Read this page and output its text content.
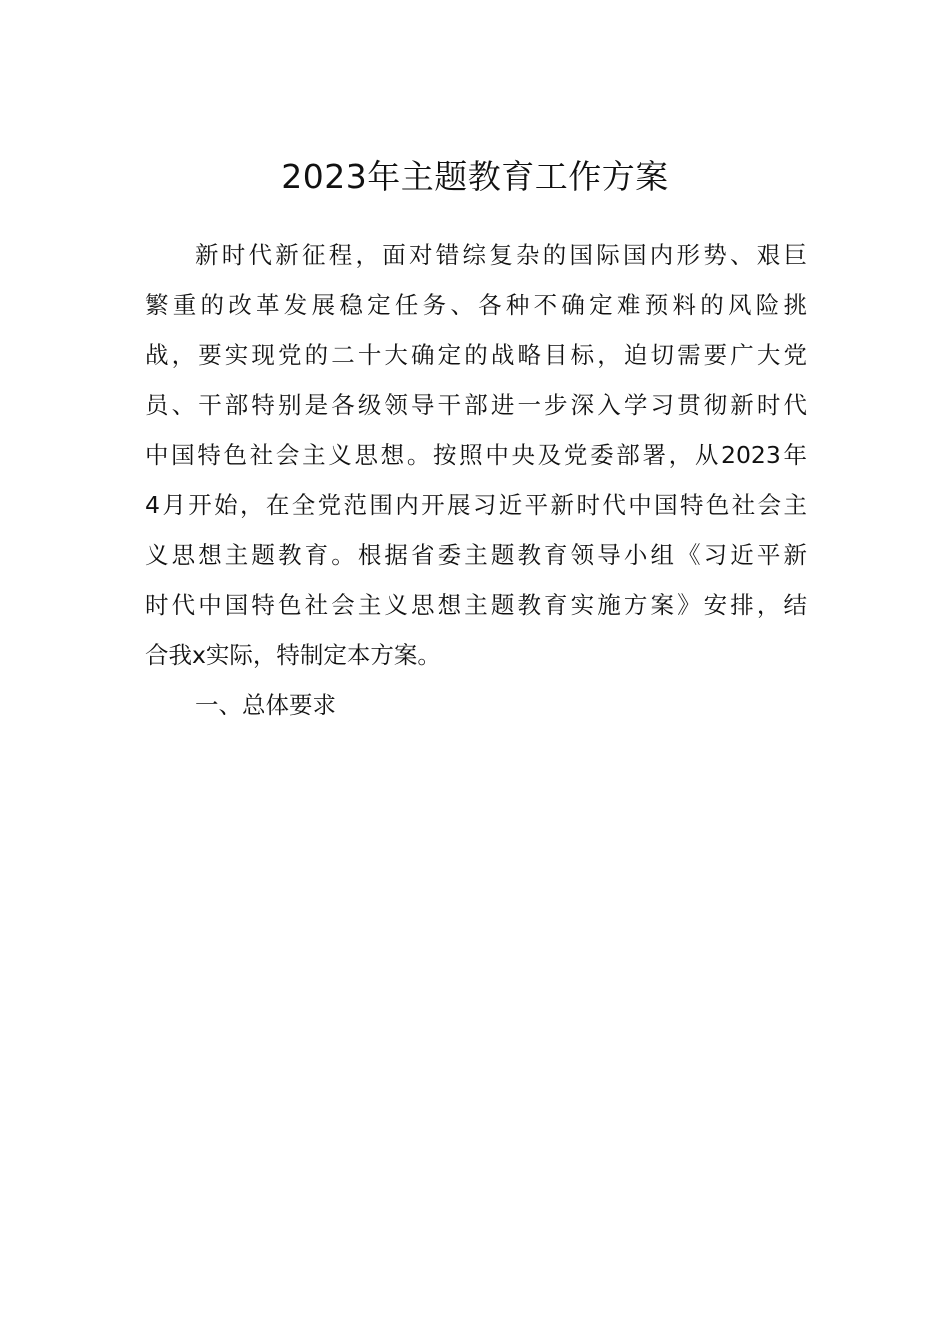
2023年主题教育工作方案
新时代新征程，面对错综复杂的国际国内形势、艰巨
繁重的改革发展稳定任务、各种不确定难预料的风险挑
战，要实现党的二十大确定的战略目标，迫切需要广大党
员、干部特别是各级领导干部进一步深入学习贯彻新时代
中国特色社会主义思想。按照中央及党委部署，从2023年
4月开始，在全党范围内开展习近平新时代中国特色社会主
义思想主题教育。根据省委主题教育领导小组《习近平新
时代中国特色社会主义思想主题教育实施方案》安排，结
合我x实际，特制定本方案。
一、总体要求
